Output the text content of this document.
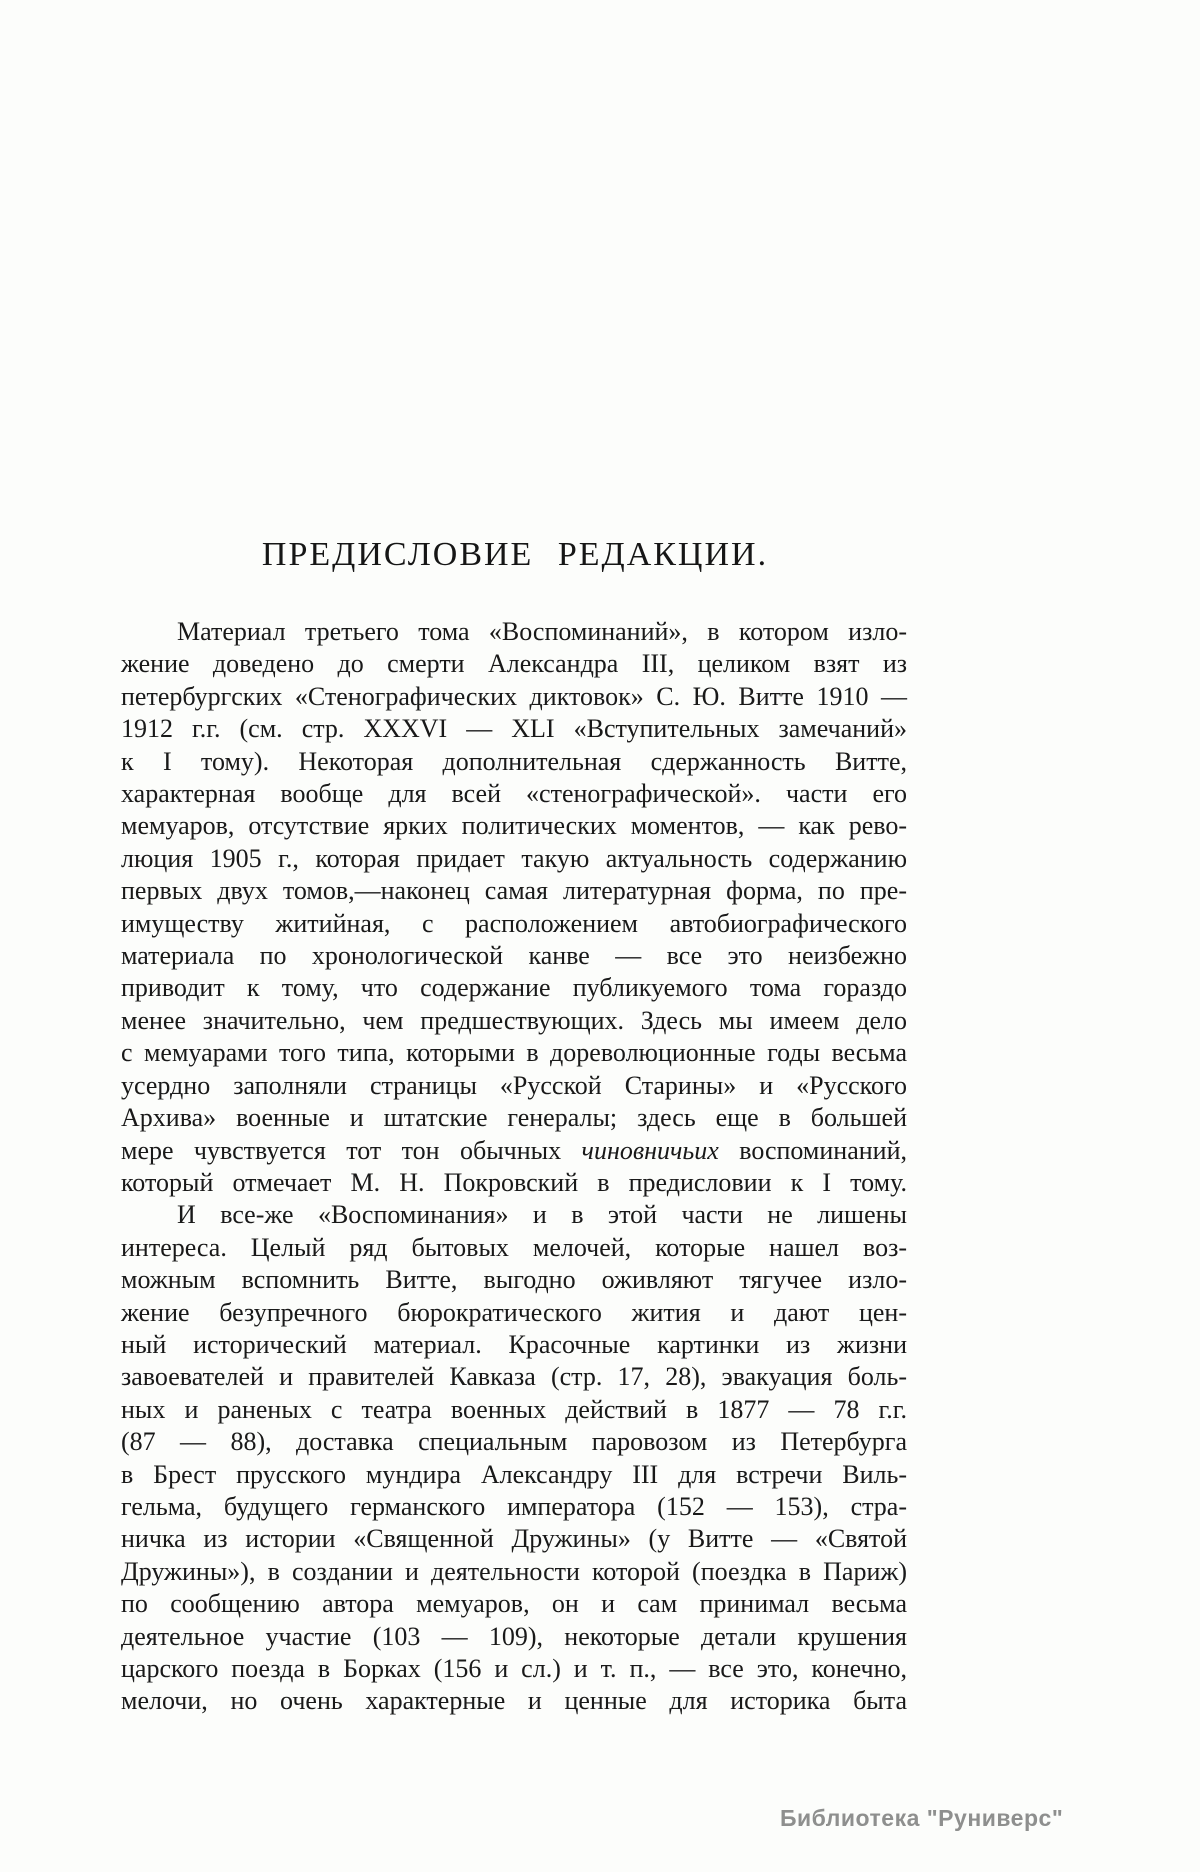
ПРЕДИСЛОВИЕ РЕДАКЦИИ.
Материал третьего тома «Воспоминаний», в котором изло-
жение доведено до смерти Александра III, целиком взят из
петербургских «Стенографических диктовок» С. Ю. Витте 1910 —
1912 г.г. (см. стр. XXXVI — XLI «Вступительных замечаний»
к I тому). Некоторая дополнительная сдержанность Витте,
характерная вообще для всей «стенографической». части его
мемуаров, отсутствие ярких политических моментов, — как рево-
люция 1905 г., которая придает такую актуальность содержанию
первых двух томов,—наконец самая литературная форма, по пре-
имуществу житийная, с расположением автобиографического
материала по хронологической канве — все это неизбежно
приводит к тому, что содержание публикуемого тома гораздо
менее значительно, чем предшествующих. Здесь мы имеем дело
с мемуарами того типа, которыми в дореволюционные годы весьма
усердно заполняли страницы «Русской Старины» и «Русского
Архива» военные и штатские генералы; здесь еще в большей
мере чувствуется тот тон обычных чиновничьих воспоминаний,
который отмечает М. Н. Покровский в предисловии к I тому.
И все-же «Воспоминания» и в этой части не лишены
интереса. Целый ряд бытовых мелочей, которые нашел воз-
можным вспомнить Витте, выгодно оживляют тягучее изло-
жение безупречного бюрократического жития и дают цен-
ный исторический материал. Красочные картинки из жизни
завоевателей и правителей Кавказа (стр. 17, 28), эвакуация боль-
ных и раненых с театра военных действий в 1877 — 78 г.г.
(87 — 88), доставка специальным паровозом из Петербурга
в Брест прусского мундира Александру III для встречи Виль-
гельма, будущего германского императора (152 — 153), стра-
ничка из истории «Священной Дружины» (у Витте — «Святой
Дружины»), в создании и деятельности которой (поездка в Париж)
по сообщению автора мемуаров, он и сам принимал весьма
деятельное участие (103 — 109), некоторые детали крушения
царского поезда в Борках (156 и сл.) и т. п., — все это, конечно,
мелочи, но очень характерные и ценные для историка быта
Библиотека "Руниверс"
